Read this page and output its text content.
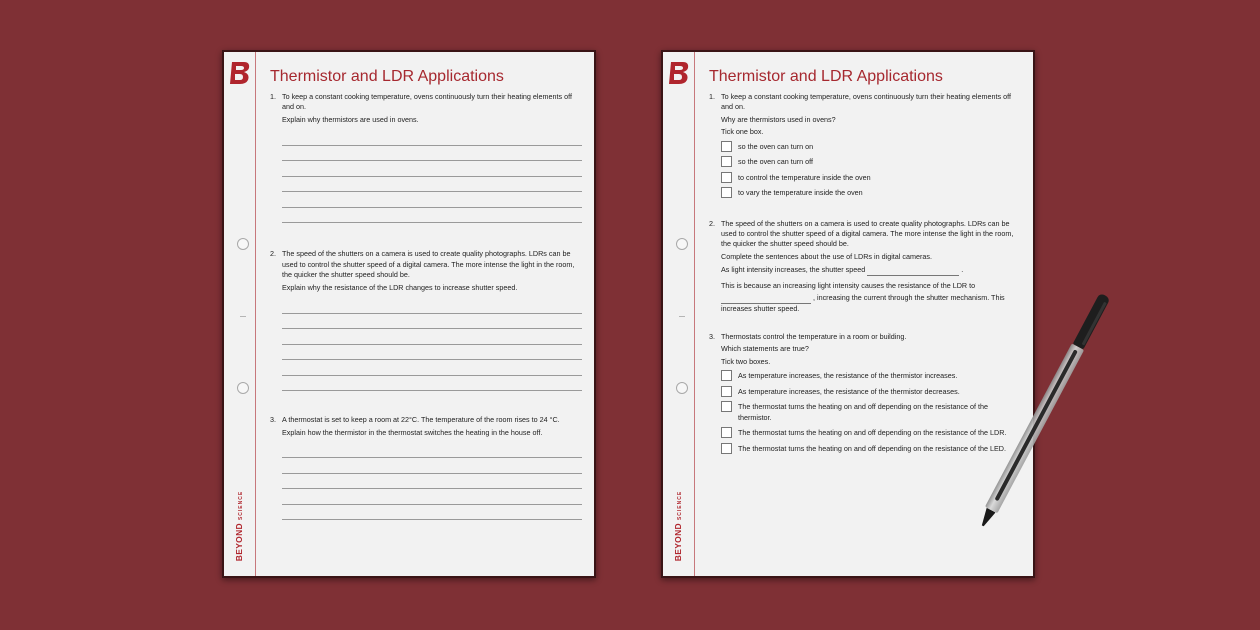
BEYONDSCIENCE
Thermistor and LDR Applications
1. To keep a constant cooking temperature, ovens continuously turn their heating elements off and on.

Explain why thermistors are used in ovens.

2. The speed of the shutters on a camera is used to create quality photographs. LDRs can be used to control the shutter speed of a digital camera. The more intense the light in the room, the quicker the shutter speed should be.

Explain why the resistance of the LDR changes to increase shutter speed.

3. A thermostat is set to keep a room at 22°C. The temperature of the room rises to 24 °C.

Explain how the thermistor in the thermostat switches the heating in the house off.

BEYONDSCIENCE
Thermistor and LDR Applications
1. To keep a constant cooking temperature, ovens continuously turn their heating elements off and on.

Why are thermistors used in ovens?

Tick one box.

so the oven can turn on
so the oven can turn off
to control the temperature inside the oven
to vary the temperature inside the oven
2. The speed of the shutters on a camera is used to create quality photographs. LDRs can be used to control the shutter speed of a digital camera. The more intense the light in the room, the quicker the shutter speed should be.

Complete the sentences about the use of LDRs in digital cameras.

As light intensity increases, the shutter speed	.

This is because an increasing light intensity causes the resistance of the LDR to

, increasing the current through the shutter mechanism. This increases shutter speed.

3. Thermostats control the temperature in a room or building.

Which statements are true?

Tick two boxes.

As temperature increases, the resistance of the thermistor increases.
As temperature increases, the resistance of the thermistor decreases.
The thermostat turns the heating on and off depending on the resistance of the thermistor.
The thermostat turns the heating on and off depending on the resistance of the LDR.
The thermostat turns the heating on and off depending on the resistance of the LED.
